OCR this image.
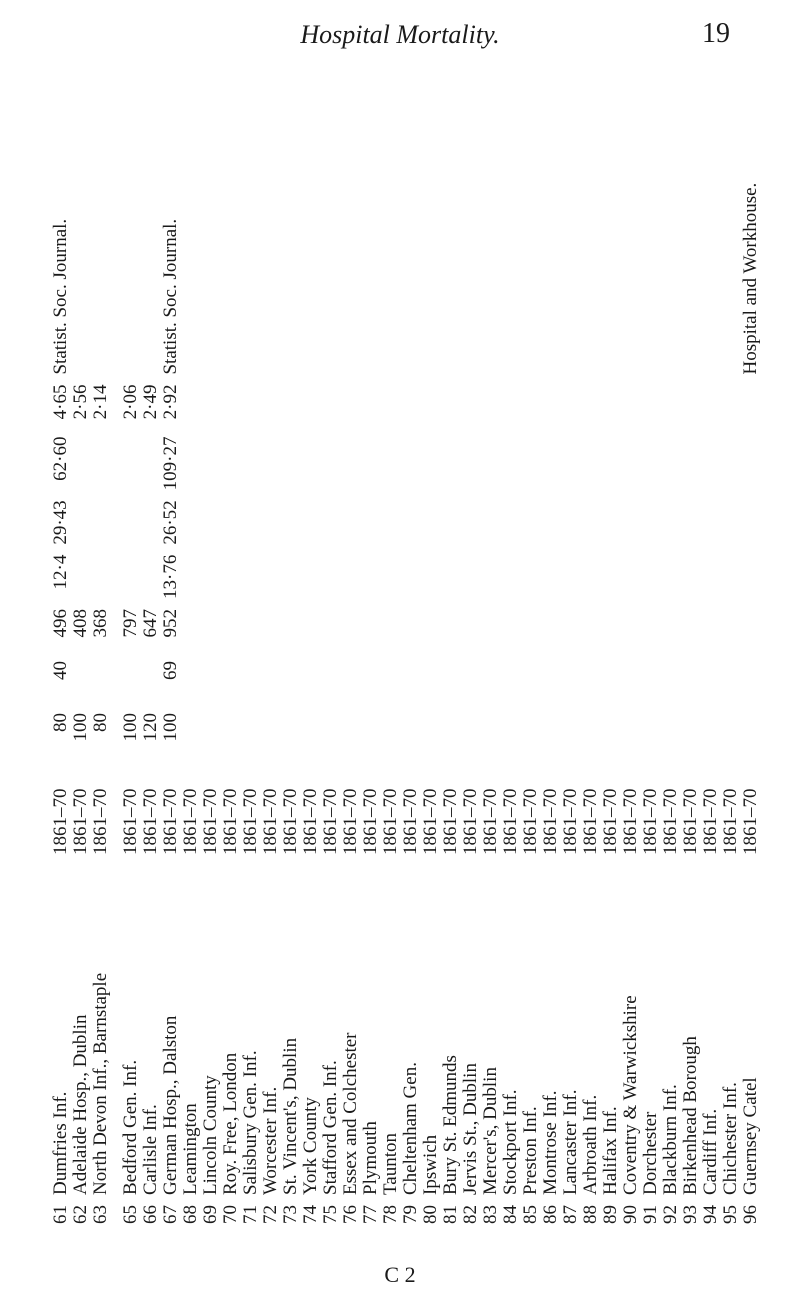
Hospital Mortality.	19
61	Dumfries Inf.	1861–70	80	40	496	12·4	29·43	62·60	4·65	Statist. Soc. Journal.
62	Adelaide Hosp., Dublin	1861–70	100		408				2·56	
63	North Devon Inf., Barnstaple	1861–70	80		368				2·14	

65	Bedford Gen. Inf.	1861–70	100		797				2·06	
66	Carlisle Inf.	1861–70	120		647				2·49	
67	German Hosp., Dalston	1861–70	100	69	952	13·76	26·52	109·27	2·92	Statist. Soc. Journal.
68	Leamington	1861–70								
69	Lincoln County	1861–70								
70	Roy. Free, London	1861–70								
71	Salisbury Gen. Inf.	1861–70								
72	Worcester Inf.	1861–70								
73	St. Vincent's, Dublin	1861–70								
74	York County	1861–70								
75	Stafford Gen. Inf.	1861–70								
76	Essex and Colchester	1861–70								
77	Plymouth	1861–70								
78	Taunton	1861–70								
79	Cheltenham Gen.	1861–70								
80	Ipswich	1861–70								
81	Bury St. Edmunds	1861–70								
82	Jervis St., Dublin	1861–70								
83	Mercer's, Dublin	1861–70								
84	Stockport Inf.	1861–70								
85	Preston Inf.	1861–70								
86	Montrose Inf.	1861–70								
87	Lancaster Inf.	1861–70								
88	Arbroath Inf.	1861–70								
89	Halifax Inf.	1861–70								
90	Coventry & Warwickshire	1861–70								
91	Dorchester	1861–70								
92	Blackburn Inf.	1861–70								
93	Birkenhead Borough	1861–70								
94	Cardiff Inf.	1861–70								
95	Chichester Inf.	1861–70								
96	Guernsey Catel	1861–70								Hospital and Workhouse.
C 2
